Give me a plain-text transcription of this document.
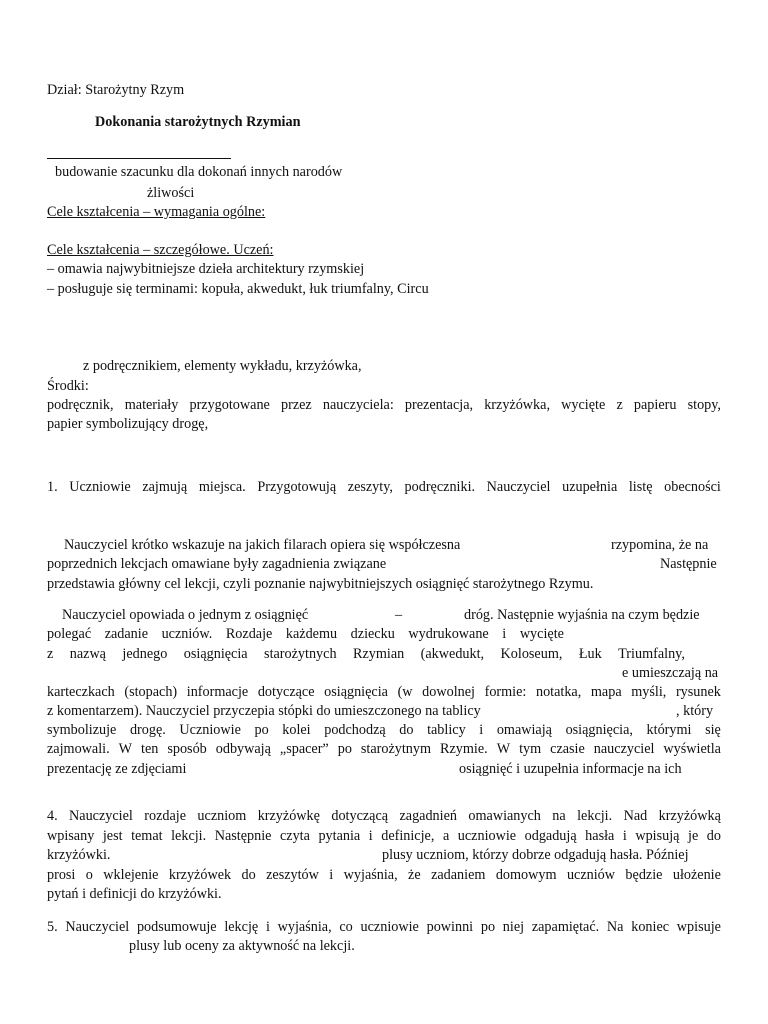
Dział: Starożytny Rzym
Dokonania starożytnych Rzymian
budowanie szacunku dla dokonań innych narodów
żliwości
Cele kształcenia – wymagania ogólne:
Cele kształcenia – szczegółowe. Uczeń:
– omawia najwybitniejsze dzieła architektury rzymskiej
– posługuje się terminami: kopuła, akwedukt, łuk triumfalny, Circu
z podręcznikiem, elementy wykładu, krzyżówka,
Środki:
podręcznik, materiały przygotowane przez nauczyciela: prezentacja, krzyżówka, wycięte z papieru stopy,
papier symbolizujący drogę,
1. Uczniowie zajmują miejsca. Przygotowują zeszyty, podręczniki. Nauczyciel uzupełnia listę obecności
Nauczyciel krótko wskazuje na jakich filarach opiera się współczesna	rzypomina, że na
poprzednich lekcjach omawiane były zagadnienia związane	Następnie
przedstawia główny cel lekcji, czyli poznanie najwybitniejszych osiągnięć starożytnego Rzymu.
Nauczyciel opowiada o jednym z osiągnięć	–	dróg. Następnie wyjaśnia na czym będzie
polegać zadanie uczniów. Rozdaje każdemu dziecku wydrukowane i wycięte
z nazwą jednego osiągnięcia starożytnych Rzymian (akwedukt, Koloseum, Łuk Triumfalny,
e umieszczają na
karteczkach (stopach) informacje dotyczące osiągnięcia (w dowolnej formie: notatka, mapa myśli, rysunek
z komentarzem). Nauczyciel przyczepia stópki do umieszczonego na tablicy	, który
symbolizuje drogę. Uczniowie po kolei podchodzą do tablicy i omawiają osiągnięcia, którymi się
zajmowali. W ten sposób odbywają „spacer” po starożytnym Rzymie. W tym czasie nauczyciel wyświetla
prezentację ze zdjęciami	osiągnięć i uzupełnia informacje na ich
4. Nauczyciel rozdaje uczniom krzyżówkę dotyczącą zagadnień omawianych na lekcji. Nad krzyżówką
wpisany jest temat lekcji. Następnie czyta pytania i definicje, a uczniowie odgadują hasła i wpisują je do
krzyżówki.	plusy uczniom, którzy dobrze odgadują hasła. Później
prosi o wklejenie krzyżówek do zeszytów i wyjaśnia, że zadaniem domowym uczniów będzie ułożenie
pytań i definicji do krzyżówki.
5. Nauczyciel podsumowuje lekcję i wyjaśnia, co uczniowie powinni po niej zapamiętać. Na koniec wpisuje
plusy lub oceny za aktywność na lekcji.
